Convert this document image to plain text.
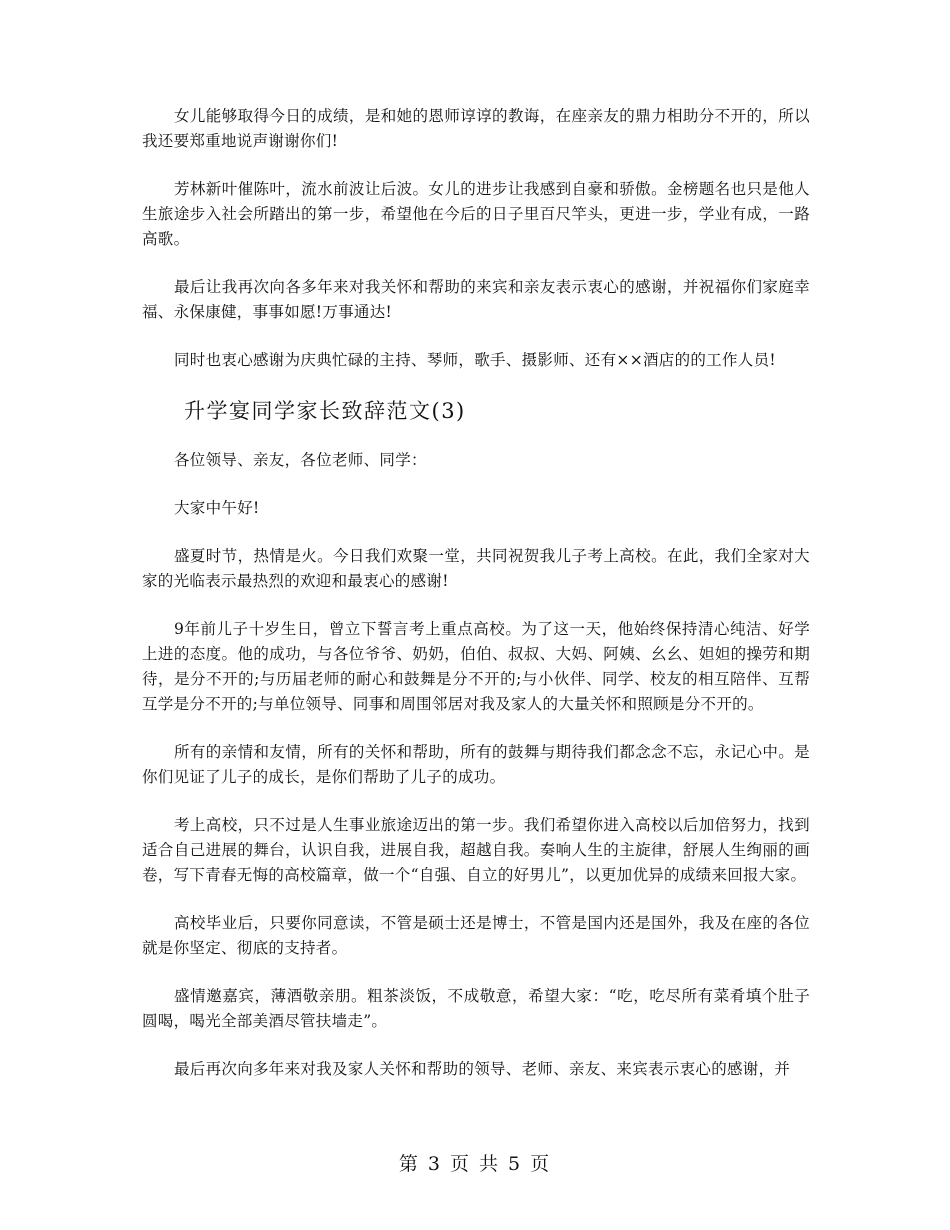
女儿能够取得今日的成绩，是和她的恩师谆谆的教诲，在座亲友的鼎力相助分不开的，所以我还要郑重地说声谢谢你们!

芳林新叶催陈叶，流水前波让后波。女儿的进步让我感到自豪和骄傲。金榜题名也只是他人生旅途步入社会所踏出的第一步，希望他在今后的日子里百尺竿头，更进一步，学业有成，一路高歌。

最后让我再次向各多年来对我关怀和帮助的来宾和亲友表示衷心的感谢，并祝福你们家庭幸福、永保康健，事事如愿!万事通达!

同时也衷心感谢为庆典忙碌的主持、琴师，歌手、摄影师、还有××酒店的的工作人员!

升学宴同学家长致辞范文(3)

各位领导、亲友，各位老师、同学：

大家中午好!

盛夏时节，热情是火。今日我们欢聚一堂，共同祝贺我儿子考上高校。在此，我们全家对大家的光临表示最热烈的欢迎和最衷心的感谢!

9年前儿子十岁生日，曾立下誓言考上重点高校。为了这一天，他始终保持清心纯洁、好学上进的态度。他的成功，与各位爷爷、奶奶，伯伯、叔叔、大妈、阿姨、幺幺、妲妲的操劳和期待，是分不开的;与历届老师的耐心和鼓舞是分不开的;与小伙伴、同学、校友的相互陪伴、互帮互学是分不开的;与单位领导、同事和周围邻居对我及家人的大量关怀和照顾是分不开的。

所有的亲情和友情，所有的关怀和帮助，所有的鼓舞与期待我们都念念不忘，永记心中。是你们见证了儿子的成长，是你们帮助了儿子的成功。

考上高校，只不过是人生事业旅途迈出的第一步。我们希望你进入高校以后加倍努力，找到适合自己进展的舞台，认识自我，进展自我，超越自我。奏响人生的主旋律，舒展人生绚丽的画卷，写下青春无悔的高校篇章，做一个“自强、自立的好男儿”，以更加优异的成绩来回报大家。

高校毕业后，只要你同意读，不管是硕士还是博士，不管是国内还是国外，我及在座的各位就是你坚定、彻底的支持者。

盛情邀嘉宾，薄酒敬亲朋。粗茶淡饭，不成敬意，希望大家：“吃，吃尽所有菜肴填个肚子圆喝，喝光全部美酒尽管扶墙走”。

最后再次向多年来对我及家人关怀和帮助的领导、老师、亲友、来宾表示衷心的感谢，并

第 3 页 共 5 页
